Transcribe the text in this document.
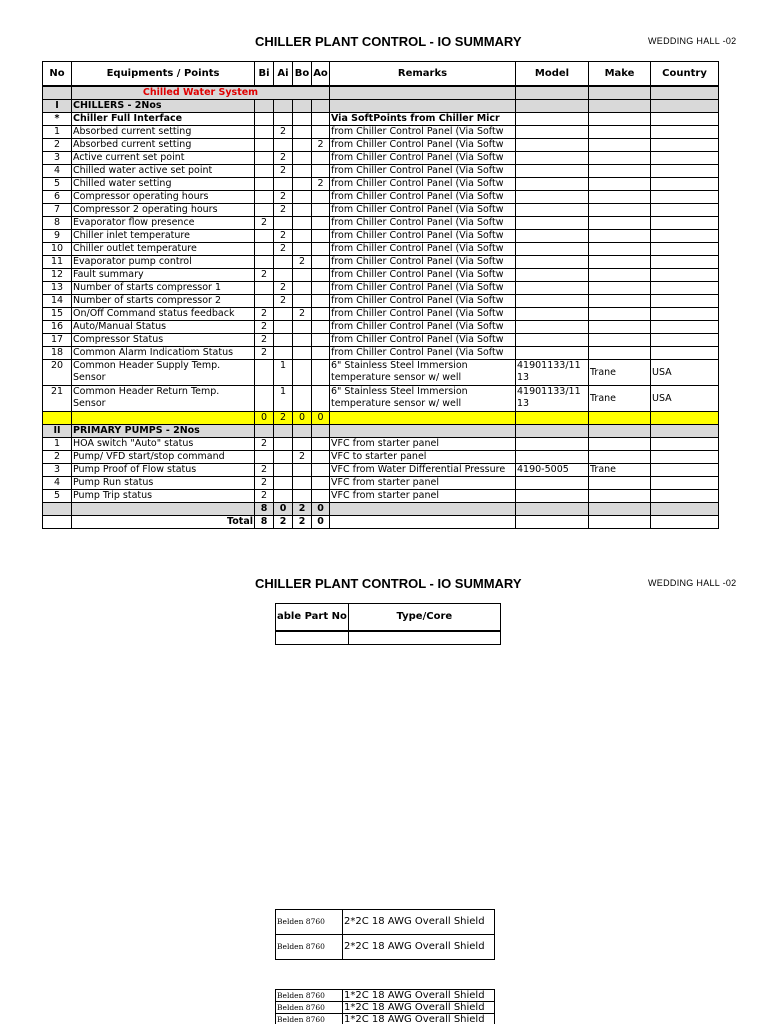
CHILLER PLANT CONTROL - IO SUMMARY	WEDDING HALL -02
No	Equipments / Points	Bi	Ai	Bo	Ao	Remarks	Model	Make	Country
	Chilled Water System								
I	CHILLERS - 2Nos								
*	Chiller Full Interface					Via SoftPoints from Chiller Micr			
1	Absorbed current setting		2			from Chiller Control Panel (Via Softw			
2	Absorbed current setting				2	from Chiller Control Panel (Via Softw			
3	Active current set point		2			from Chiller Control Panel (Via Softw			
4	Chilled water active set point		2			from Chiller Control Panel (Via Softw			
5	Chilled water setting				2	from Chiller Control Panel (Via Softw			
6	Compressor operating hours		2			from Chiller Control Panel (Via Softw			
7	Compressor 2 operating hours		2			from Chiller Control Panel (Via Softw			
8	Evaporator flow presence	2				from Chiller Control Panel (Via Softw			
9	Chiller inlet temperature		2			from Chiller Control Panel (Via Softw			
10	Chiller outlet temperature		2			from Chiller Control Panel (Via Softw			
11	Evaporator pump control			2		from Chiller Control Panel (Via Softw			
12	Fault summary	2				from Chiller Control Panel (Via Softw			
13	Number of starts compressor 1		2			from Chiller Control Panel (Via Softw			
14	Number of starts compressor 2		2			from Chiller Control Panel (Via Softw			
15	On/Off Command status feedback	2		2		from Chiller Control Panel (Via Softw			
16	Auto/Manual Status	2				from Chiller Control Panel (Via Softw			
17	Compressor Status	2				from Chiller Control Panel (Via Softw			
18	Common Alarm Indicatiom Status	2				from Chiller Control Panel (Via Softw			
20	Common Header Supply Temp. Sensor		1			6" Stainless Steel Immersion temperature sensor w/ well	41901133/11 13	Trane	USA
21	Common Header Return Temp. Sensor		1			6" Stainless Steel Immersion temperature sensor w/ well	41901133/11 13	Trane	USA
		0	2	0	0				
II	PRIMARY PUMPS - 2Nos								
1	HOA switch "Auto" status	2				VFC from starter panel			
2	Pump/ VFD start/stop command			2		VFC to starter panel			
3	Pump Proof of Flow status	2				VFC from Water Differential Pressure	4190-5005	Trane	
4	Pump Run status	2				VFC from starter panel			
5	Pump Trip status	2				VFC from starter panel			
		8	0	2	0				
	Total	8	2	2	0				
CHILLER PLANT CONTROL - IO SUMMARY	WEDDING HALL -02
able Part No	Type/Core

Belden 8760	2*2C 18 AWG Overall Shield
Belden 8760	2*2C 18 AWG Overall Shield
Belden 8760	1*2C 18 AWG Overall Shield
Belden 8760	1*2C 18 AWG Overall Shield
Belden 8760	1*2C 18 AWG Overall Shield
